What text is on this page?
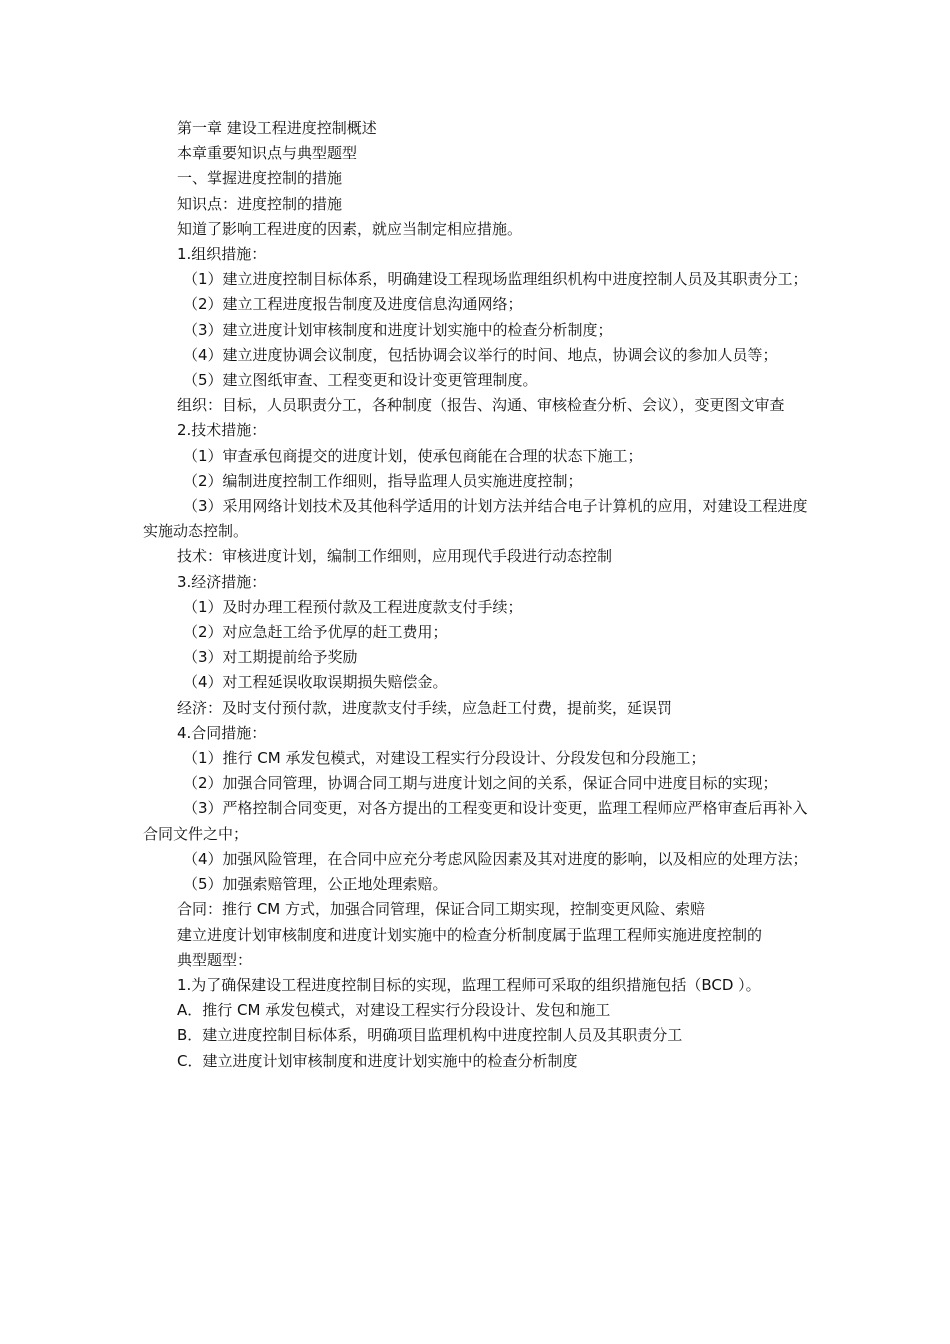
第一章 建设工程进度控制概述

本章重要知识点与典型题型

一、掌握进度控制的措施

知识点：进度控制的措施

知道了影响工程进度的因素，就应当制定相应措施。

1.组织措施：

（1）建立进度控制目标体系，明确建设工程现场监理组织机构中进度控制人员及其职责分工；

（2）建立工程进度报告制度及进度信息沟通网络；

（3）建立进度计划审核制度和进度计划实施中的检查分析制度；

（4）建立进度协调会议制度，包括协调会议举行的时间、地点，协调会议的参加人员等；

（5）建立图纸审查、工程变更和设计变更管理制度。

组织：目标，人员职责分工，各种制度（报告、沟通、审核检查分析、会议），变更图文审查

2.技术措施：

（1）审查承包商提交的进度计划，使承包商能在合理的状态下施工；

（2）编制进度控制工作细则，指导监理人员实施进度控制；

（3）采用网络计划技术及其他科学适用的计划方法并结合电子计算机的应用，对建设工程进度实施动态控制。

技术：审核进度计划，编制工作细则，应用现代手段进行动态控制

3.经济措施：

（1）及时办理工程预付款及工程进度款支付手续；

（2）对应急赶工给予优厚的赶工费用；

（3）对工期提前给予奖励

（4）对工程延误收取误期损失赔偿金。

经济：及时支付预付款，进度款支付手续，应急赶工付费，提前奖，延误罚

4.合同措施：

（1）推行 CM 承发包模式，对建设工程实行分段设计、分段发包和分段施工；

（2）加强合同管理，协调合同工期与进度计划之间的关系，保证合同中进度目标的实现；

（3）严格控制合同变更，对各方提出的工程变更和设计变更，监理工程师应严格审查后再补入合同文件之中；

（4）加强风险管理，在合同中应充分考虑风险因素及其对进度的影响，以及相应的处理方法；

（5）加强索赔管理，公正地处理索赔。

合同：推行 CM 方式，加强合同管理，保证合同工期实现，控制变更风险、索赔

建立进度计划审核制度和进度计划实施中的检查分析制度属于监理工程师实施进度控制的

典型题型：

1.为了确保建设工程进度控制目标的实现，监理工程师可采取的组织措施包括（BCD ）。

A．推行 CM 承发包模式，对建设工程实行分段设计、发包和施工

B．建立进度控制目标体系，明确项目监理机构中进度控制人员及其职责分工

C．建立进度计划审核制度和进度计划实施中的检查分析制度
